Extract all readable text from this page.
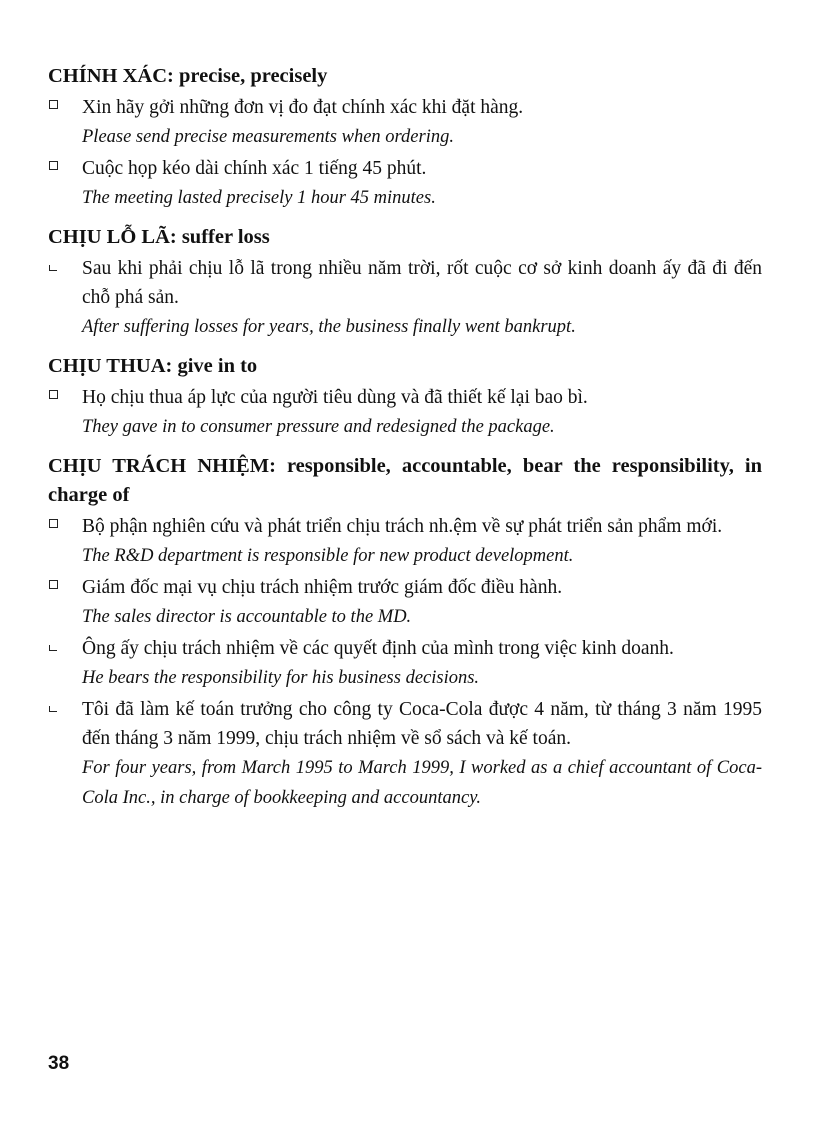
CHÍNH XÁC: precise, precisely

Xin hãy gởi những đơn vị đo đạt chính xác khi đặt hàng.

Please send precise measurements when ordering.

Cuộc họp kéo dài chính xác 1 tiếng 45 phút.

The meeting lasted precisely 1 hour 45 minutes.

CHỊU LỖ LÃ: suffer loss

Sau khi phải chịu lỗ lã trong nhiều năm trời, rốt cuộc cơ sở kinh doanh ấy đã đi đến chỗ phá sản.

After suffering losses for years, the business finally went bankrupt.

CHỊU THUA: give in to

Họ chịu thua áp lực của người tiêu dùng và đã thiết kế lại bao bì.

They gave in to consumer pressure and redesigned the package.

CHỊU TRÁCH NHIỆM: responsible, accountable, bear the responsibility, in charge of

Bộ phận nghiên cứu và phát triển chịu trách nh.ệm về sự phát triển sản phẩm mới.

The R&D department is responsible for new product development.

Giám đốc mại vụ chịu trách nhiệm trước giám đốc điều hành.

The sales director is accountable to the MD.

Ông ấy chịu trách nhiệm về các quyết định của mình trong việc kinh doanh.

He bears the responsibility for his business decisions.

Tôi đã làm kế toán trưởng cho công ty Coca-Cola được 4 năm, từ tháng 3 năm 1995 đến tháng 3 năm 1999, chịu trách nhiệm về sổ sách và kế toán.

For four years, from March 1995 to March 1999, I worked as a chief accountant of Coca-Cola Inc., in charge of bookkeeping and accountancy.

38
